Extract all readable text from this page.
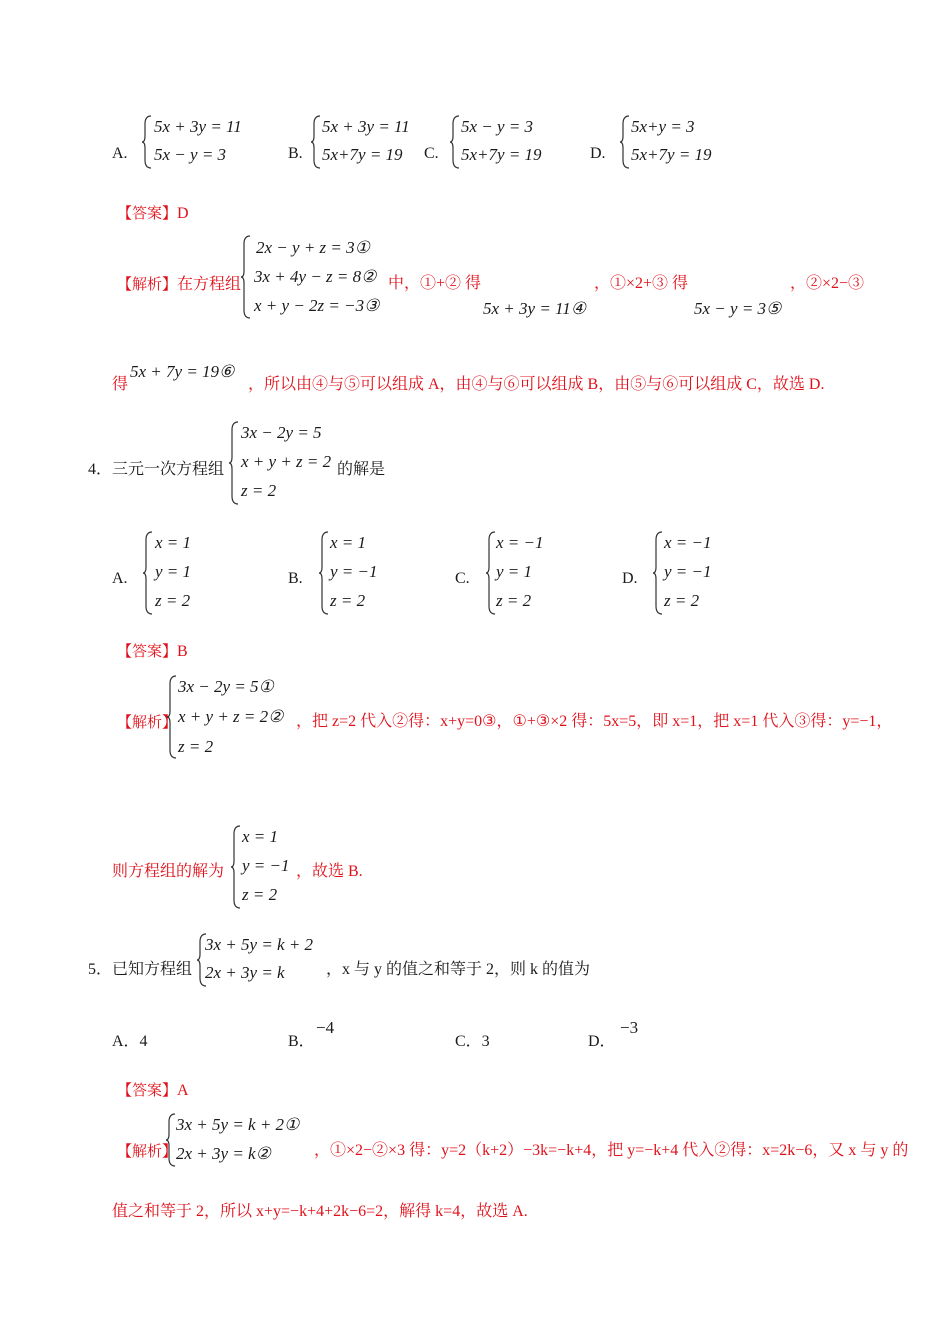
A.
5x + 3y = 11
5x − y = 3	B.
5x + 3y = 11
5x+7y = 19 C.
5x − y = 3
5x+7y = 19	D.
5x+y = 3
5x+7y = 19
【答案】D
【解析】在方程组
2x − y + z = 3①
3x + 4y − z = 8②
x + y − 2z = −3③
中，①+② 得
5x + 3y = 11④
，①×2+③ 得
5x − y = 3⑤
，②×2−③
得
5x + 7y = 19⑥
，所以由④与⑤可以组成 A，由④与⑥可以组成 B，由⑤与⑥可以组成 C，故选 D.
4． 三元一次方程组
3x − 2y = 5
x + y + z = 2
z = 2
的解是
A.
x = 1
y = 1
z = 2
B.
x = 1
y = −1
z = 2
C.
x = −1
y = 1
z = 2
D.
x = −1
y = −1
z = 2
【答案】B
【解析】
3x − 2y = 5①
x + y + z = 2②
z = 2
，把 z=2 代入②得：x+y=0③，①+③×2 得：5x=5，即 x=1，把 x=1 代入③得：y=−1，
则方程组的解为
x = 1
y = −1
z = 2
，故选 B.
5． 已知方程组
3x + 5y = k + 2
2x + 3y = k	，x 与 y 的值之和等于 2，则 k 的值为
A．4	B．
−4
C．3	D．
−3
【答案】A
【解析】
3x + 5y = k + 2①
2x + 3y = k②	，①×2−②×3 得：y=2（k+2）−3k=−k+4，把 y=−k+4 代入②得：x=2k−6，又 x 与 y 的
值之和等于 2，所以 x+y=−k+4+2k−6=2，解得 k=4，故选 A.
